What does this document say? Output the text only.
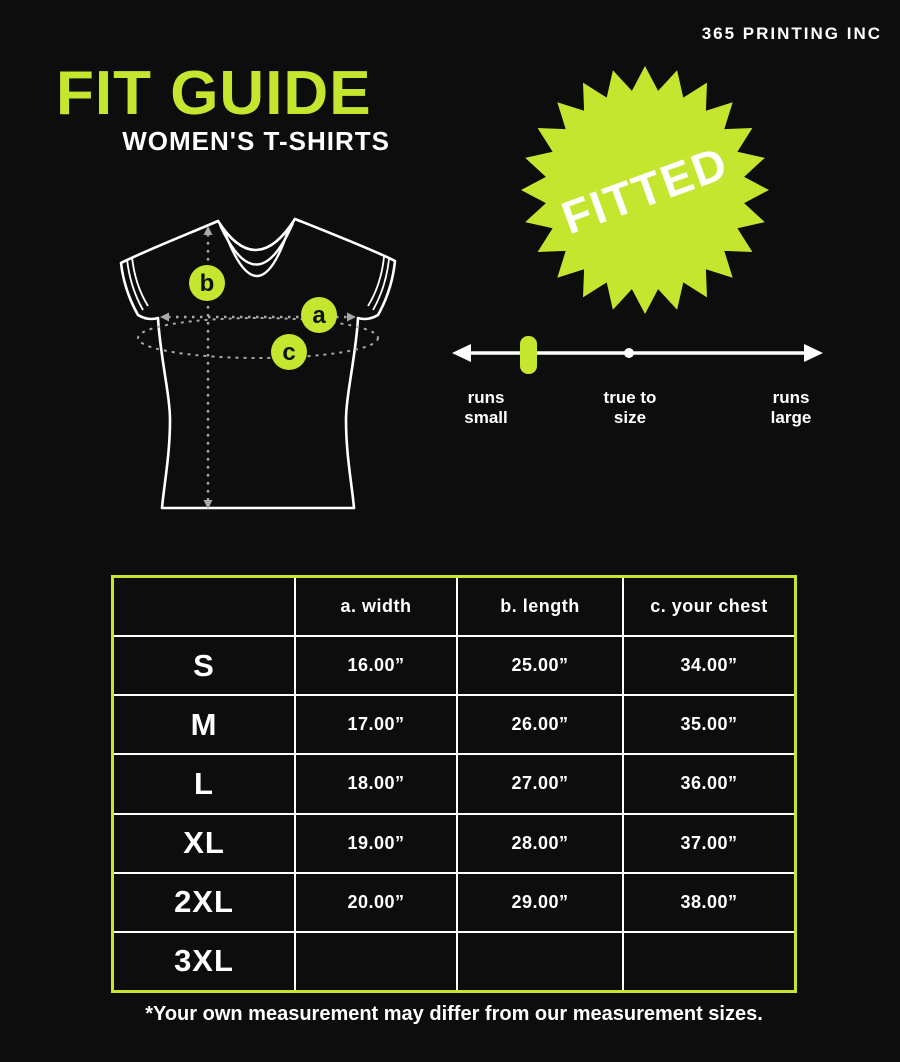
365 PRINTING INC
FIT GUIDE
WOMEN'S T-SHIRTS	FITTED
b
a
c
runs
small
true to
size
runs
large
a. width	b. length	c. your chest
S	16.00”	25.00”	34.00”
M	17.00”	26.00”	35.00”
L	18.00”	27.00”	36.00”
XL	19.00”	28.00”	37.00”
2XL	20.00”	29.00”	38.00”
3XL
*Your own measurement may differ from our measurement sizes.
